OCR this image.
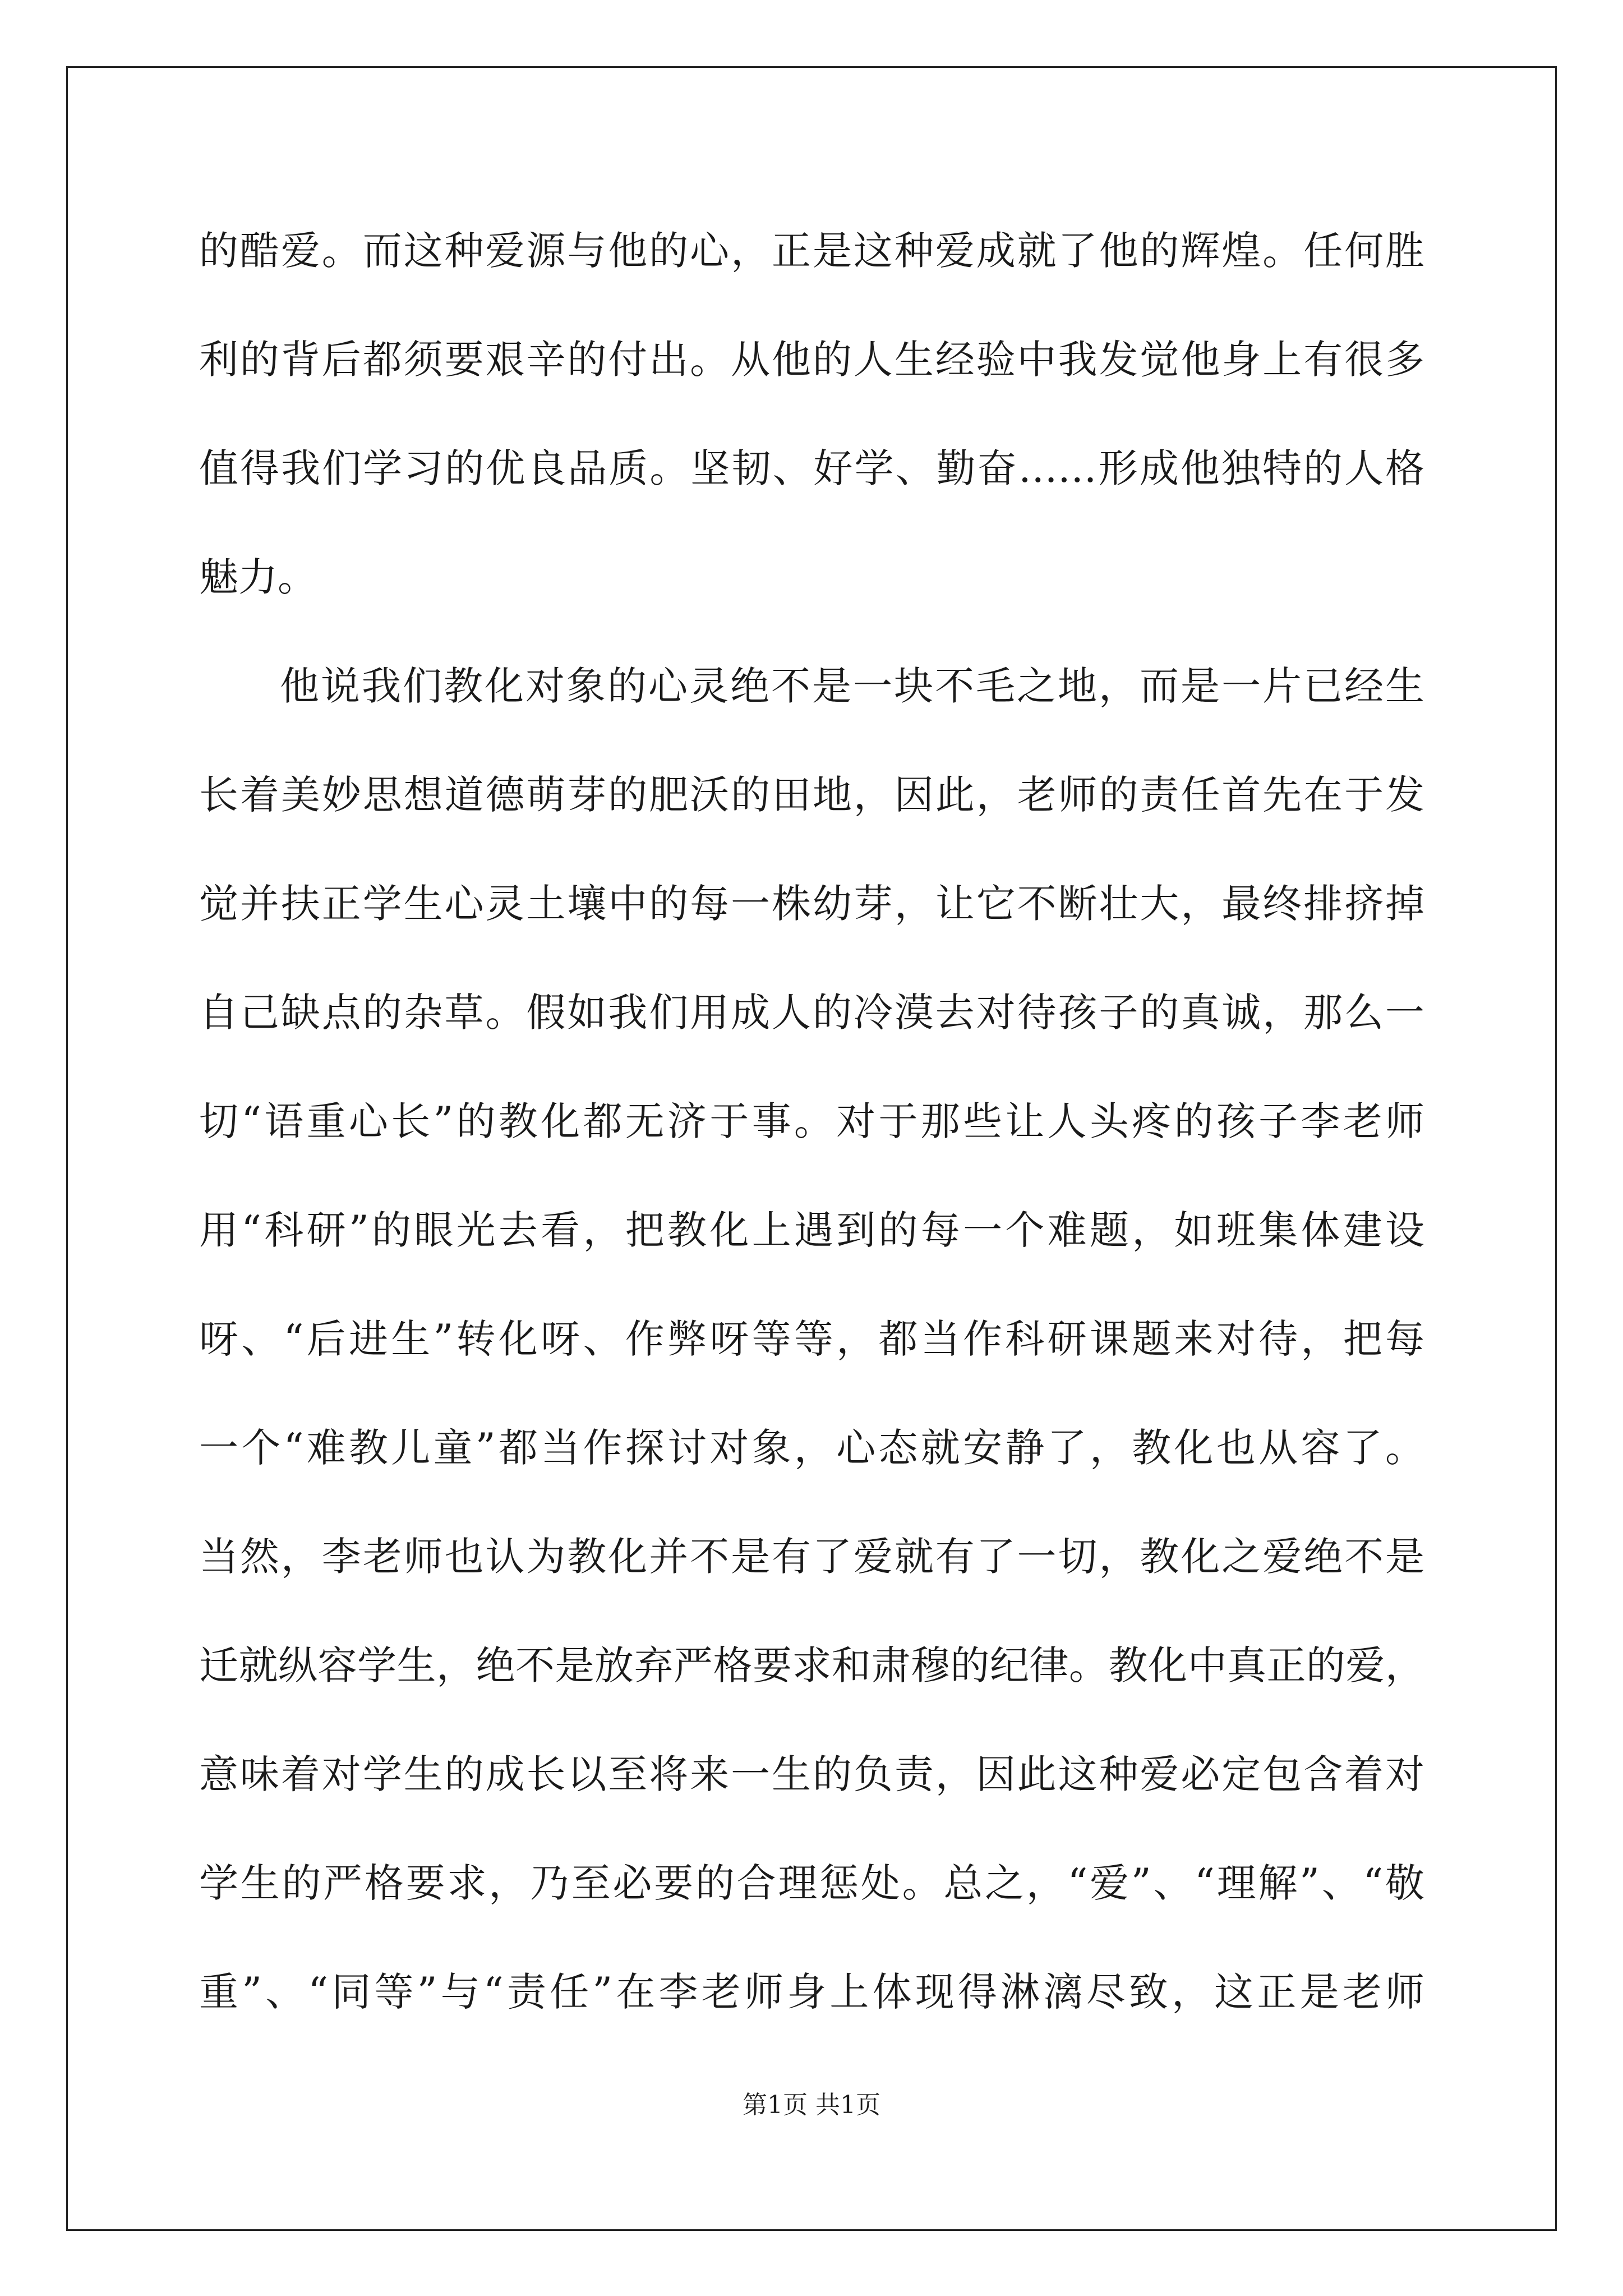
的酷爱。而这种爱源与他的心，正是这种爱成就了他的辉煌。任何胜
利的背后都须要艰辛的付出。从他的人生经验中我发觉他身上有很多
值得我们学习的优良品质。坚韧、好学、勤奋……形成他独特的人格
魅力。
他说我们教化对象的心灵绝不是一块不毛之地，而是一片已经生
长着美妙思想道德萌芽的肥沃的田地，因此，老师的责任首先在于发
觉并扶正学生心灵土壤中的每一株幼芽，让它不断壮大，最终排挤掉
自己缺点的杂草。假如我们用成人的冷漠去对待孩子的真诚，那么一
切“语重心长”的教化都无济于事。对于那些让人头疼的孩子李老师
用“科研”的眼光去看，把教化上遇到的每一个难题，如班集体建设
呀、“后进生”转化呀、作弊呀等等，都当作科研课题来对待，把每
一个“难教儿童”都当作探讨对象，心态就安静了，教化也从容了。
当然，李老师也认为教化并不是有了爱就有了一切，教化之爱绝不是
迁就纵容学生，绝不是放弃严格要求和肃穆的纪律。教化中真正的爱，
意味着对学生的成长以至将来一生的负责，因此这种爱必定包含着对
学生的严格要求，乃至必要的合理惩处。总之，“爱”、“理解”、“敬
重”、“同等”与“责任”在李老师身上体现得淋漓尽致，这正是老师
第1页 共1页
